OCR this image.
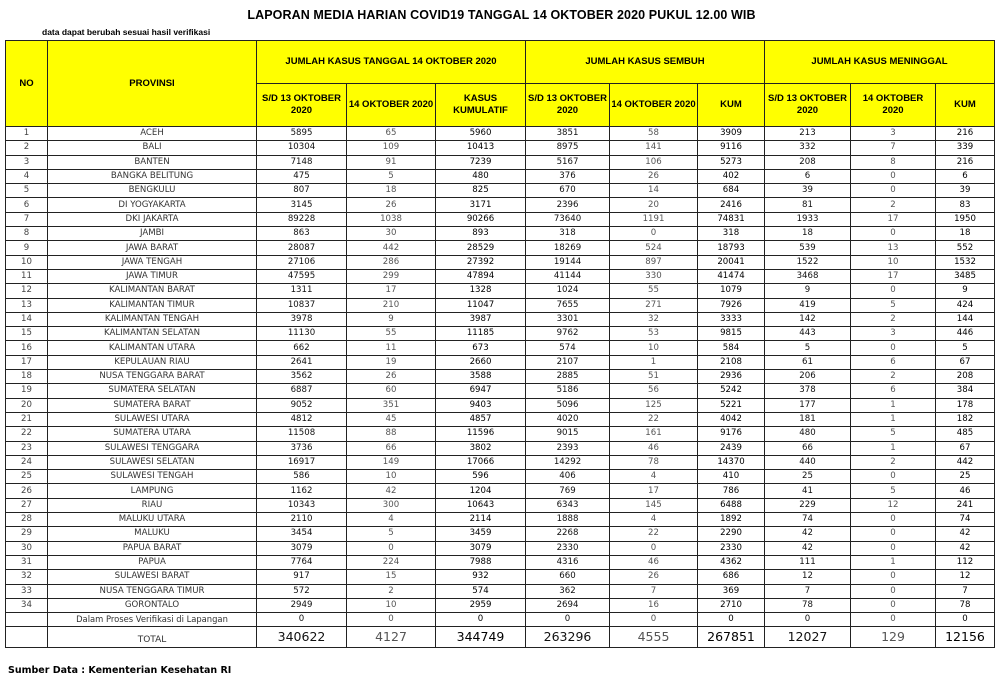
LAPORAN MEDIA HARIAN COVID19 TANGGAL 14 OKTOBER 2020 PUKUL 12.00 WIB
data dapat berubah sesuai hasil verifikasi
NO	PROVINSI	JUMLAH KASUS TANGGAL 14 OKTOBER 2020			JUMLAH KASUS SEMBUH			JUMLAH KASUS MENINGGAL		
		S/D 13 OKTOBER 2020	14 OKTOBER 2020	KASUS KUMULATIF	S/D 13 OKTOBER 2020	14 OKTOBER 2020	KUM	S/D 13 OKTOBER 2020	14 OKTOBER 2020	KUM
1	ACEH	5895	65	5960	3851	58	3909	213	3	216
2	BALI	10304	109	10413	8975	141	9116	332	7	339
3	BANTEN	7148	91	7239	5167	106	5273	208	8	216
4	BANGKA BELITUNG	475	5	480	376	26	402	6	0	6
5	BENGKULU	807	18	825	670	14	684	39	0	39
6	DI YOGYAKARTA	3145	26	3171	2396	20	2416	81	2	83
7	DKI JAKARTA	89228	1038	90266	73640	1191	74831	1933	17	1950
8	JAMBI	863	30	893	318	0	318	18	0	18
9	JAWA BARAT	28087	442	28529	18269	524	18793	539	13	552
10	JAWA TENGAH	27106	286	27392	19144	897	20041	1522	10	1532
11	JAWA TIMUR	47595	299	47894	41144	330	41474	3468	17	3485
12	KALIMANTAN BARAT	1311	17	1328	1024	55	1079	9	0	9
13	KALIMANTAN TIMUR	10837	210	11047	7655	271	7926	419	5	424
14	KALIMANTAN TENGAH	3978	9	3987	3301	32	3333	142	2	144
15	KALIMANTAN SELATAN	11130	55	11185	9762	53	9815	443	3	446
16	KALIMANTAN UTARA	662	11	673	574	10	584	5	0	5
17	KEPULAUAN RIAU	2641	19	2660	2107	1	2108	61	6	67
18	NUSA TENGGARA BARAT	3562	26	3588	2885	51	2936	206	2	208
19	SUMATERA SELATAN	6887	60	6947	5186	56	5242	378	6	384
20	SUMATERA BARAT	9052	351	9403	5096	125	5221	177	1	178
21	SULAWESI UTARA	4812	45	4857	4020	22	4042	181	1	182
22	SUMATERA UTARA	11508	88	11596	9015	161	9176	480	5	485
23	SULAWESI TENGGARA	3736	66	3802	2393	46	2439	66	1	67
24	SULAWESI SELATAN	16917	149	17066	14292	78	14370	440	2	442
25	SULAWESI TENGAH	586	10	596	406	4	410	25	0	25
26	LAMPUNG	1162	42	1204	769	17	786	41	5	46
27	RIAU	10343	300	10643	6343	145	6488	229	12	241
28	MALUKU UTARA	2110	4	2114	1888	4	1892	74	0	74
29	MALUKU	3454	5	3459	2268	22	2290	42	0	42
30	PAPUA BARAT	3079	0	3079	2330	0	2330	42	0	42
31	PAPUA	7764	224	7988	4316	46	4362	111	1	112
32	SULAWESI BARAT	917	15	932	660	26	686	12	0	12
33	NUSA TENGGARA TIMUR	572	2	574	362	7	369	7	0	7
34	GORONTALO	2949	10	2959	2694	16	2710	78	0	78
	Dalam Proses Verifikasi di Lapangan	0	0	0	0	0	0	0	0	0
	TOTAL	340622	4127	344749	263296	4555	267851	12027	129	12156
Sumber Data : Kementerian Kesehatan RI
